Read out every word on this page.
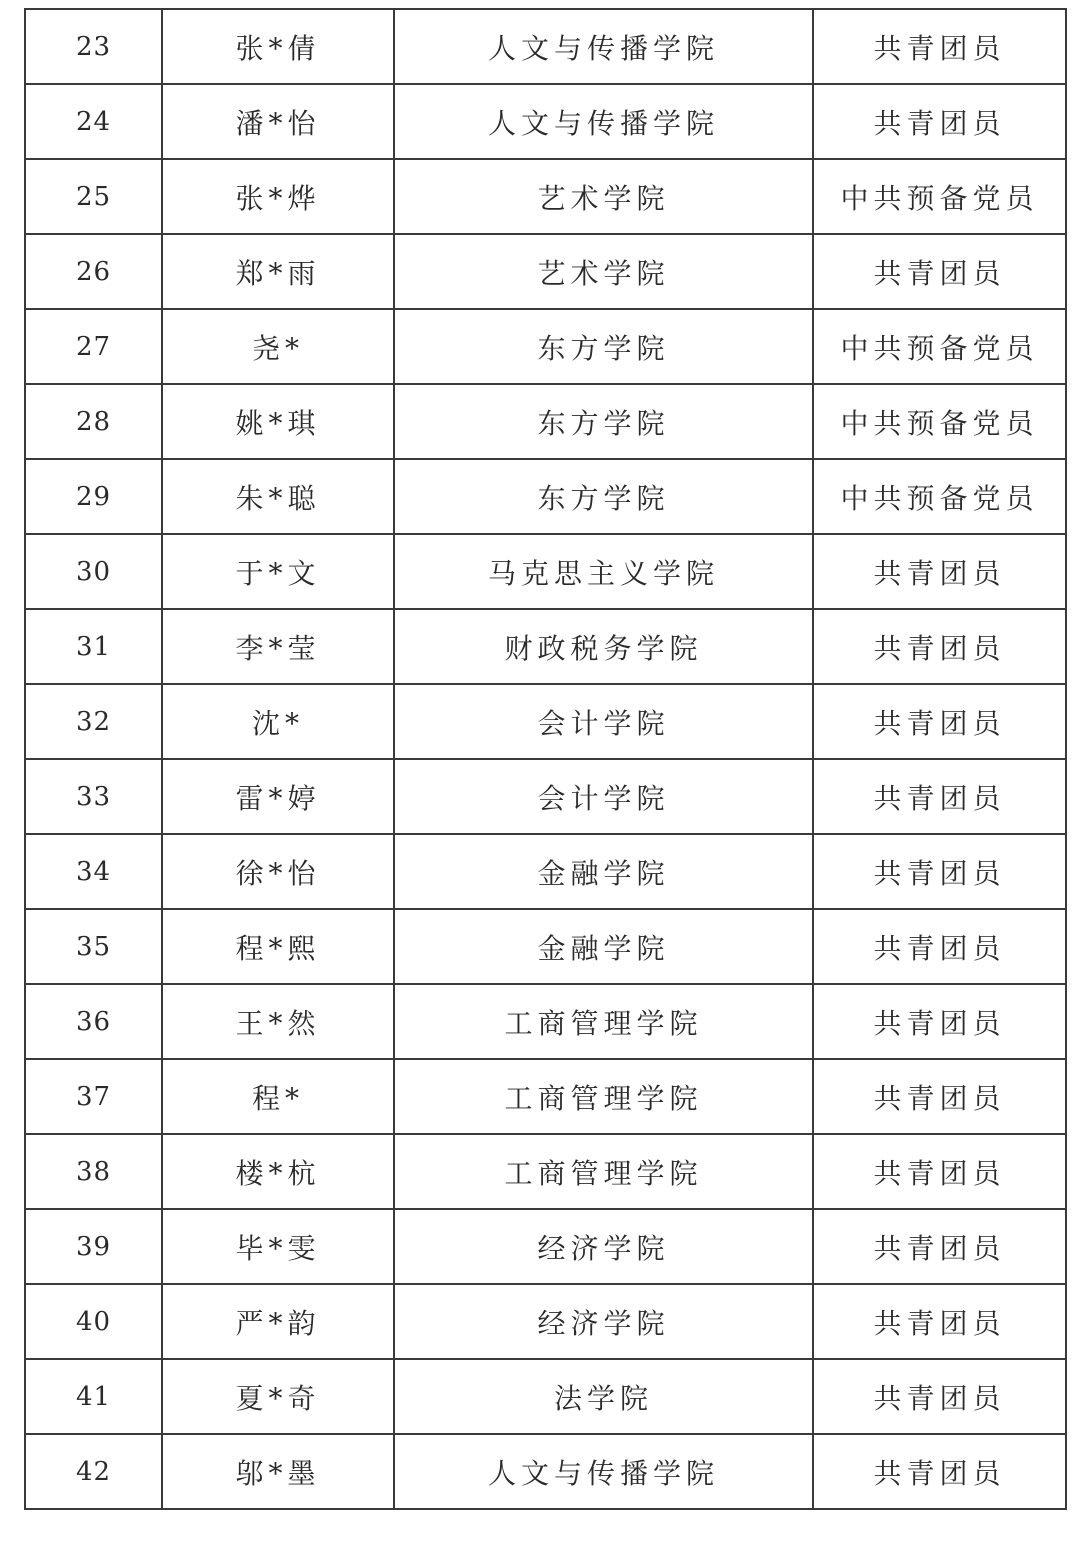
23	张*倩	人文与传播学院	共青团员
24	潘*怡	人文与传播学院	共青团员
25	张*烨	艺术学院	中共预备党员
26	郑*雨	艺术学院	共青团员
27	尧*	东方学院	中共预备党员
28	姚*琪	东方学院	中共预备党员
29	朱*聪	东方学院	中共预备党员
30	于*文	马克思主义学院	共青团员
31	李*莹	财政税务学院	共青团员
32	沈*	会计学院	共青团员
33	雷*婷	会计学院	共青团员
34	徐*怡	金融学院	共青团员
35	程*熙	金融学院	共青团员
36	王*然	工商管理学院	共青团员
37	程*	工商管理学院	共青团员
38	楼*杭	工商管理学院	共青团员
39	毕*雯	经济学院	共青团员
40	严*韵	经济学院	共青团员
41	夏*奇	法学院	共青团员
42	邬*墨	人文与传播学院	共青团员
